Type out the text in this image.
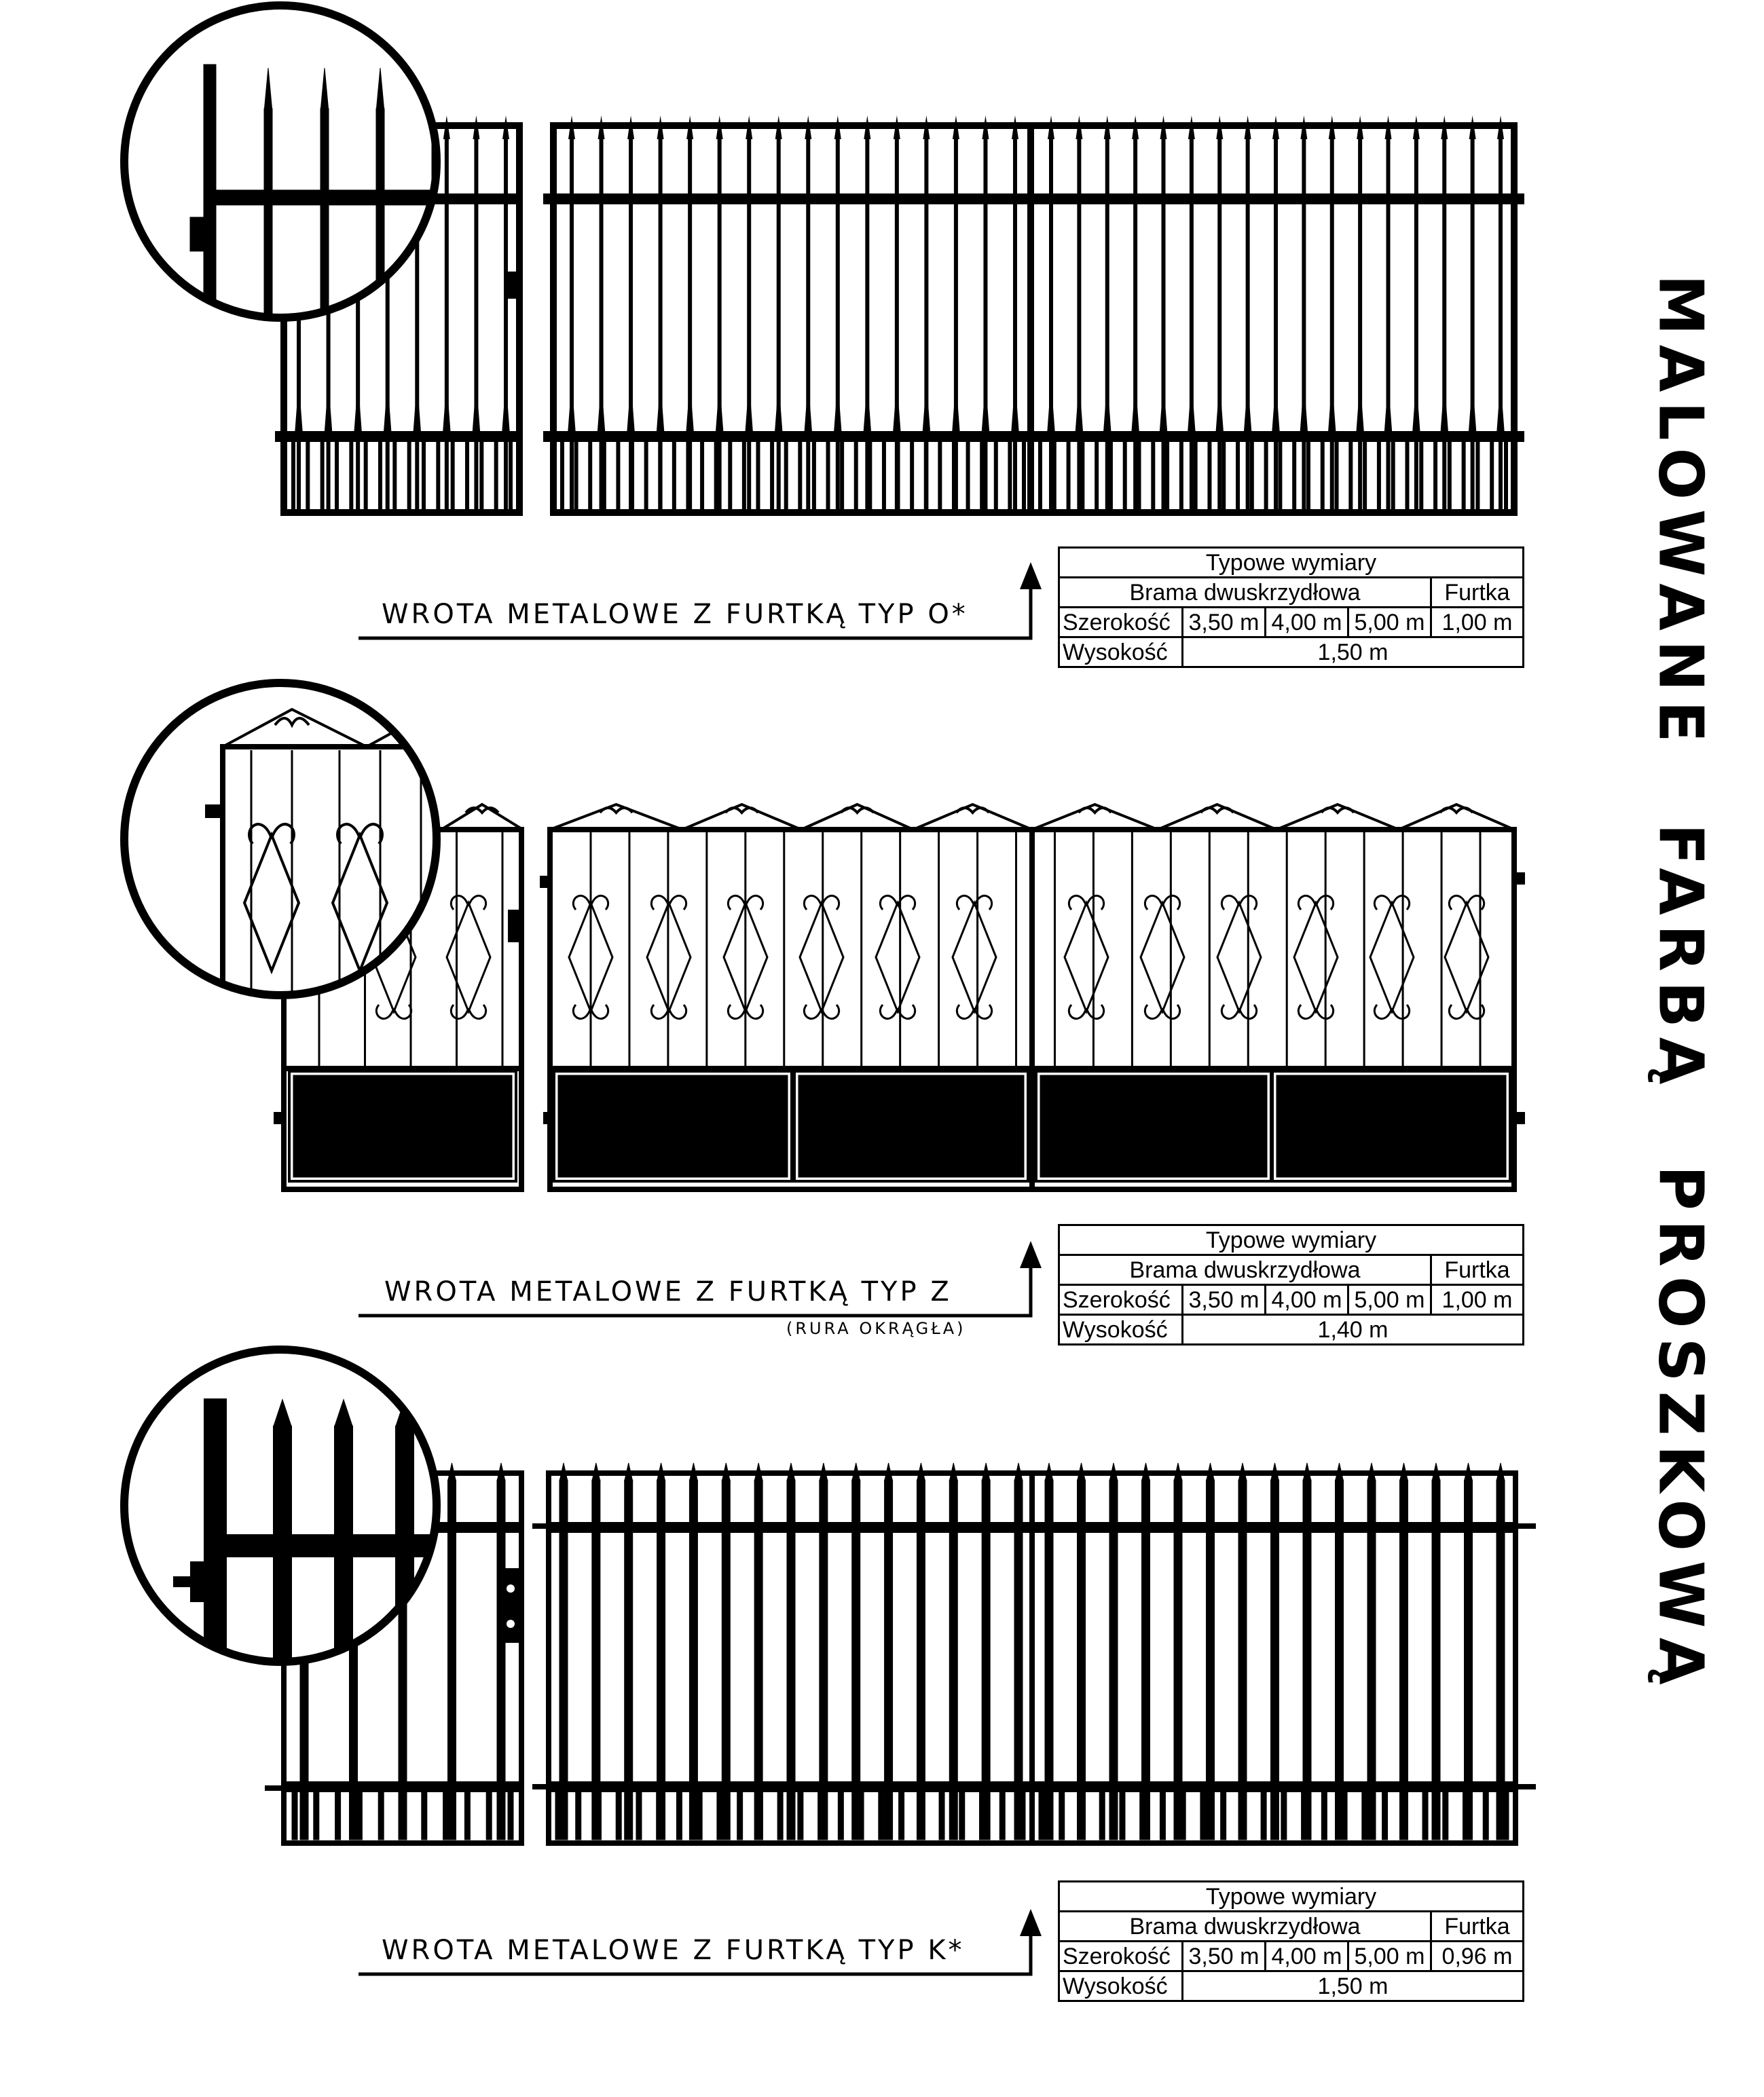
MALOWANE FARBĄ PROSZKOWĄ
WROTA METALOWE Z FURTKĄ TYP O*
WROTA METALOWE Z FURTKĄ TYP Z
(RURA OKRĄGŁA)
WROTA METALOWE Z FURTKĄ TYP K*
Typowe wymiary				
Brama dwuskrzydłowa				Furtka
Szerokość	3,50 m	4,00 m	5,00 m	1,00 m
Wysokość	1,50 m			
Typowe wymiary				
Brama dwuskrzydłowa				Furtka
Szerokość	3,50 m	4,00 m	5,00 m	1,00 m
Wysokość	1,40 m			
Typowe wymiary				
Brama dwuskrzydłowa				Furtka
Szerokość	3,50 m	4,00 m	5,00 m	0,96 m
Wysokość	1,50 m			
